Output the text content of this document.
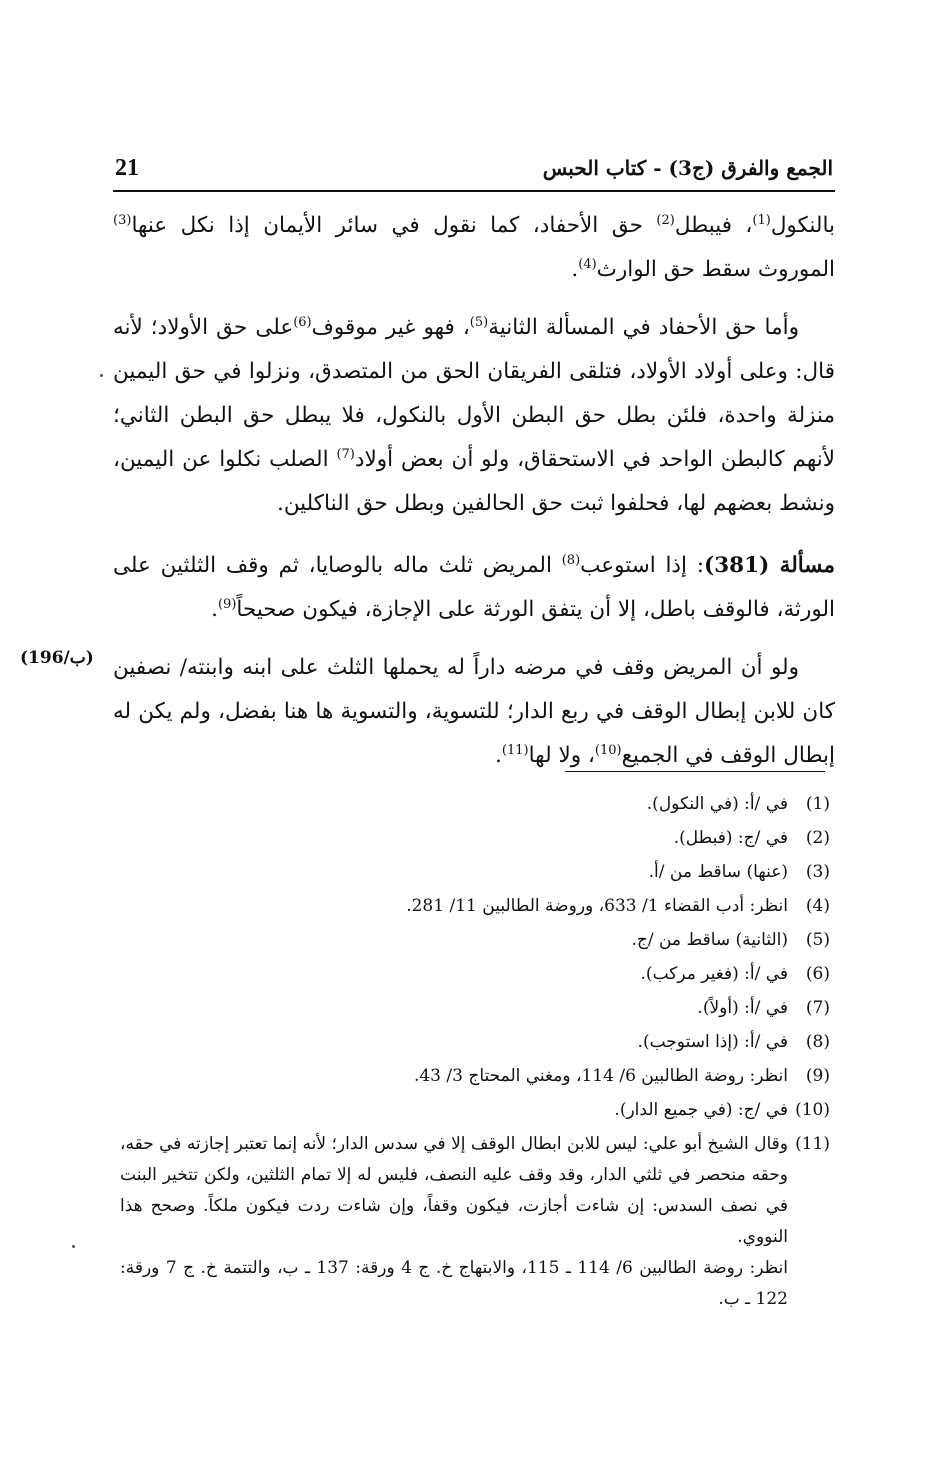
21	الجمع والفرق (ج3) - كتاب الحبس

بالنكول$^{(1)}$، فيبطل$^{(2)}$ حق الأحفاد، كما نقول في سائر الأيمان إذا نكل عنها$^{(3)}$ الموروث سقط حق الوارث$^{(4)}$.

وأما حق الأحفاد في المسألة الثانية$^{(5)}$، فهو غير موقوف$^{(6)}$على حق الأولاد؛ لأنه قال: وعلى أولاد الأولاد، فتلقى الفريقان الحق من المتصدق، ونزلوا في حق اليمين منزلة واحدة، فلئن بطل حق البطن الأول بالنكول، فلا يبطل حق البطن الثاني؛ لأنهم كالبطن الواحد في الاستحقاق، ولو أن بعض أولاد$^{(7)}$ الصلب نكلوا عن اليمين، ونشط بعضهم لها، فحلفوا ثبت حق الحالفين وبطل حق الناكلين.

مسألة (381): إذا استوعب$^{(8)}$ المريض ثلث ماله بالوصايا، ثم وقف الثلثين على الورثة، فالوقف باطل، إلا أن يتفق الورثة على الإجازة، فيكون صحيحاً$^{(9)}$.

ولو أن المريض وقف في مرضه داراً له يحملها الثلث على ابنه وابنته/ نصفين كان للابن إبطال الوقف في ربع الدار؛ للتسوية، والتسوية ها هنا بفضل، ولم يكن له إبطال الوقف في الجميع$^{(10)}$، ولا لها$^{(11)}$.

(196/ب)
(1)
في /أ: (في النكول).
(2)
في /ج: (فبطل).
(3)
(عنها) ساقط من /أ.
(4)
انظر: أدب القضاء 1/ 633، وروضة الطالبين 11/ 281.
(5)
(الثانية) ساقط من /ج.
(6)
في /أ: (فغير مركب).
(7)
في /أ: (أولاً).
(8)
في /أ: (إذا استوجب).
(9)
انظر: روضة الطالبين 6/ 114، ومغني المحتاج 3/ 43.
(10)
في /ج: (في جميع الدار).
(11)
وقال الشيخ أبو علي: ليس للابن ابطال الوقف إلا في سدس الدار؛ لأنه إنما تعتبر إجازته في حقه، وحقه منحصر في ثلثي الدار، وقد وقف عليه النصف، فليس له إلا تمام الثلثين، ولكن تتخير البنت في نصف السدس: إن شاءت أجازت، فيكون وقفاً، وإن شاءت ردت فيكون ملكاً. وصحح هذا النووي.
انظر: روضة الطالبين 6/ 114 ـ 115، والابتهاج خ. ج 4 ورقة: 137 ـ ب، والتتمة خ. ج 7 ورقة: 122 ـ ب.
